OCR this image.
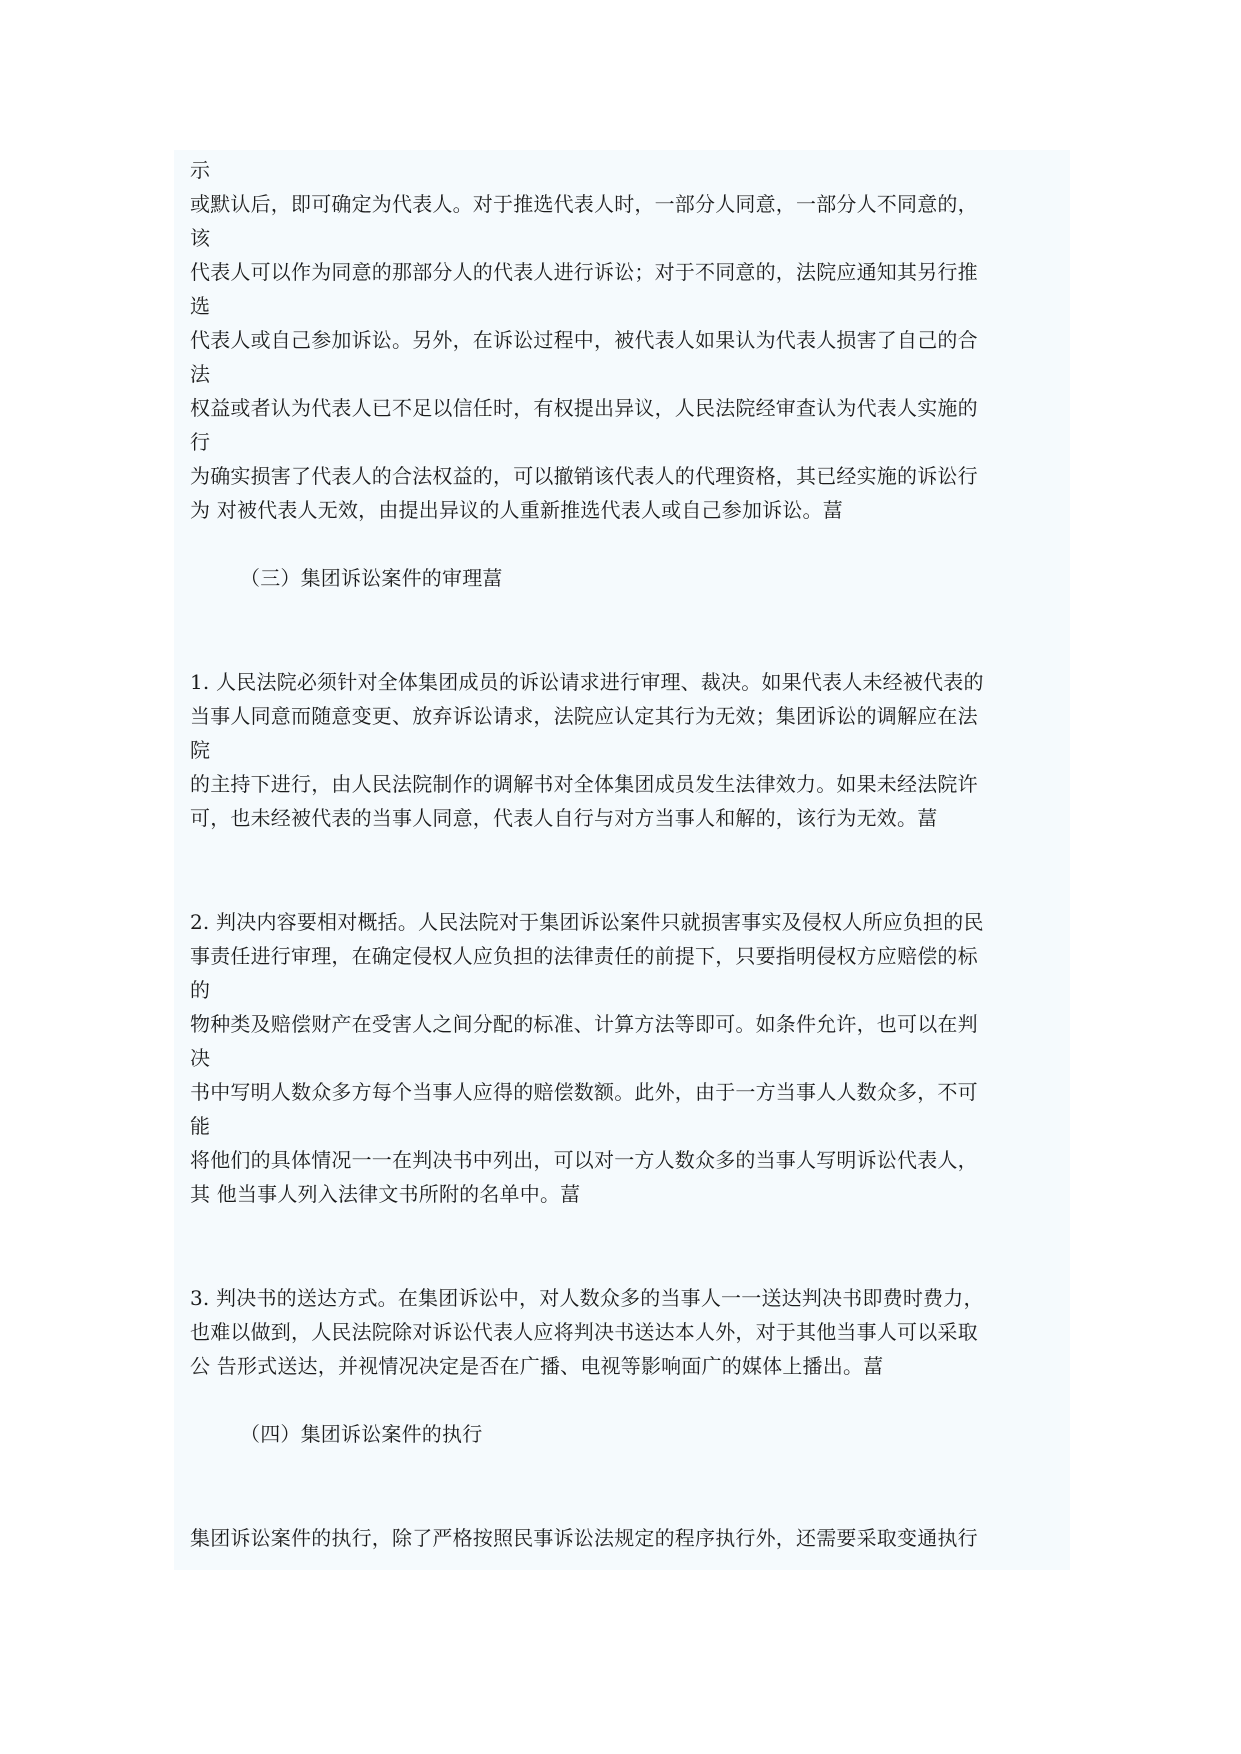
示
或默认后，即可确定为代表人。对于推选代表人时，一部分人同意，一部分人不同意的，
该
代表人可以作为同意的那部分人的代表人进行诉讼；对于不同意的，法院应通知其另行推
选
代表人或自己参加诉讼。另外，在诉讼过程中，被代表人如果认为代表人损害了自己的合
法
权益或者认为代表人已不足以信任时，有权提出异议，人民法院经审查认为代表人实施的
行
为确实损害了代表人的合法权益的，可以撤销该代表人的代理资格，其已经实施的诉讼行
为 对被代表人无效，由提出异议的人重新推选代表人或自己参加诉讼。葍
（三）集团诉讼案件的审理葍
1. 人民法院必须针对全体集团成员的诉讼请求进行审理、裁决。如果代表人未经被代表的
当事人同意而随意变更、放弃诉讼请求，法院应认定其行为无效；集团诉讼的调解应在法
院
的主持下进行，由人民法院制作的调解书对全体集团成员发生法律效力。如果未经法院许
可，也未经被代表的当事人同意，代表人自行与对方当事人和解的，该行为无效。葍
2. 判决内容要相对概括。人民法院对于集团诉讼案件只就损害事实及侵权人所应负担的民
事责任进行审理，在确定侵权人应负担的法律责任的前提下，只要指明侵权方应赔偿的标
的
物种类及赔偿财产在受害人之间分配的标准、计算方法等即可。如条件允许，也可以在判
决
书中写明人数众多方每个当事人应得的赔偿数额。此外，由于一方当事人人数众多，不可
能
将他们的具体情况一一在判决书中列出，可以对一方人数众多的当事人写明诉讼代表人，
其 他当事人列入法律文书所附的名单中。葍
3. 判决书的送达方式。在集团诉讼中，对人数众多的当事人一一送达判决书即费时费力，
也难以做到，人民法院除对诉讼代表人应将判决书送达本人外，对于其他当事人可以采取
公 告形式送达，并视情况决定是否在广播、电视等影响面广的媒体上播出。葍
（四）集团诉讼案件的执行
集团诉讼案件的执行，除了严格按照民事诉讼法规定的程序执行外，还需要采取变通执行
